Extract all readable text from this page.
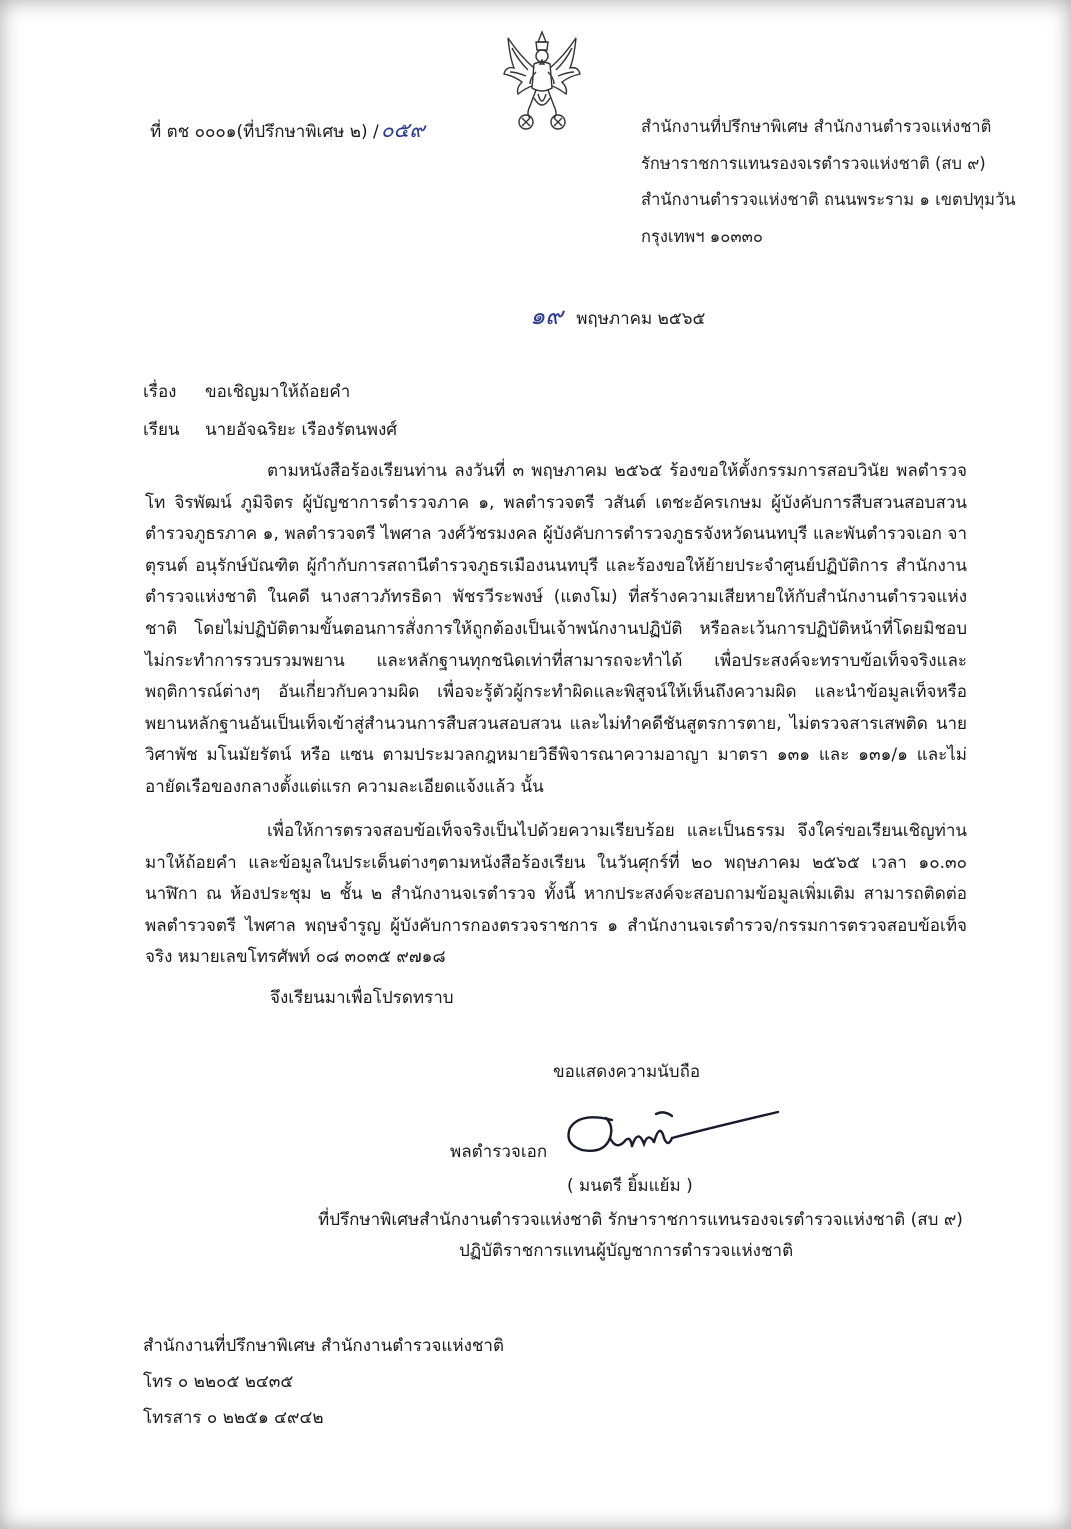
ที่ ตช ๐๐๐๑(ที่ปรึกษาพิเศษ ๒) /๐๕๙	สำนักงานที่ปรึกษาพิเศษ สำนักงานตำรวจแห่งชาติ
รักษาราชการแทนรองจเรตำรวจแห่งชาติ (สบ ๙)
สำนักงานตำรวจแห่งชาติ ถนนพระราม ๑ เขตปทุมวัน
กรุงเทพฯ ๑๐๓๓๐
๑๙ พฤษภาคม ๒๕๖๕
เรื่อง ขอเชิญมาให้ถ้อยคำ
เรียน นายอัจฉริยะ เรืองรัตนพงศ์
ตามหนังสือร้องเรียนท่าน ลงวันที่ ๓ พฤษภาคม ๒๕๖๕ ร้องขอให้ตั้งกรรมการสอบวินัย พลตำรวจโท จิรพัฒน์ ภูมิจิตร ผู้บัญชาการตำรวจภาค ๑, พลตำรวจตรี วสันต์ เตชะอัครเกษม ผู้บังคับการสืบสวนสอบสวนตำรวจภูธรภาค ๑, พลตำรวจตรี ไพศาล วงศ์วัชรมงคล ผู้บังคับการตำรวจภูธรจังหวัดนนทบุรี และพันตำรวจเอก จาตุรนต์ อนุรักษ์บัณฑิต ผู้กำกับการสถานีตำรวจภูธรเมืองนนทบุรี และร้องขอให้ย้ายประจำศูนย์ปฏิบัติการ สำนักงานตำรวจแห่งชาติ ในคดี นางสาวภัทรธิดา พัชรวีระพงษ์ (แตงโม) ที่สร้างความเสียหายให้กับสำนักงานตำรวจแห่งชาติ โดยไม่ปฏิบัติตามขั้นตอนการสั่งการให้ถูกต้องเป็นเจ้าพนักงานปฏิบัติ หรือละเว้นการปฏิบัติหน้าที่โดยมิชอบ ไม่กระทำการรวบรวมพยาน และหลักฐานทุกชนิดเท่าที่สามารถจะทำได้ เพื่อประสงค์จะทราบข้อเท็จจริงและพฤติการณ์ต่างๆ อันเกี่ยวกับความผิด เพื่อจะรู้ตัวผู้กระทำผิดและพิสูจน์ให้เห็นถึงความผิด และนำข้อมูลเท็จหรือพยานหลักฐานอันเป็นเท็จเข้าสู่สำนวนการสืบสวนสอบสวน และไม่ทำคดีชันสูตรการตาย, ไม่ตรวจสารเสพติด นายวิศาพัช มโนมัยรัตน์ หรือ แซน ตามประมวลกฎหมายวิธีพิจารณาความอาญา มาตรา ๑๓๑ และ ๑๓๑/๑ และไม่อายัดเรือของกลางตั้งแต่แรก ความละเอียดแจ้งแล้ว นั้น
เพื่อให้การตรวจสอบข้อเท็จจริงเป็นไปด้วยความเรียบร้อย และเป็นธรรม จึงใคร่ขอเรียนเชิญท่านมาให้ถ้อยคำ และข้อมูลในประเด็นต่างๆตามหนังสือร้องเรียน ในวันศุกร์ที่ ๒๐ พฤษภาคม ๒๕๖๕ เวลา ๑๐.๓๐ นาฬิกา ณ ห้องประชุม ๒ ชั้น ๒ สำนักงานจเรตำรวจ ทั้งนี้ หากประสงค์จะสอบถามข้อมูลเพิ่มเติม สามารถติดต่อ พลตำรวจตรี ไพศาล พฤษจำรูญ ผู้บังคับการกองตรวจราชการ ๑ สำนักงานจเรตำรวจ/กรรมการตรวจสอบข้อเท็จจริง หมายเลขโทรศัพท์ ๐๘ ๓๐๓๕ ๙๗๑๘
จึงเรียนมาเพื่อโปรดทราบ
ขอแสดงความนับถือ
พลตำรวจเอก
( มนตรี ยิ้มแย้ม )
ที่ปรึกษาพิเศษสำนักงานตำรวจแห่งชาติ รักษาราชการแทนรองจเรตำรวจแห่งชาติ (สบ ๙)
ปฏิบัติราชการแทนผู้บัญชาการตำรวจแห่งชาติ
สำนักงานที่ปรึกษาพิเศษ สำนักงานตำรวจแห่งชาติ
โทร ๐ ๒๒๐๕ ๒๔๓๕
โทรสาร ๐ ๒๒๕๑ ๔๙๔๒
